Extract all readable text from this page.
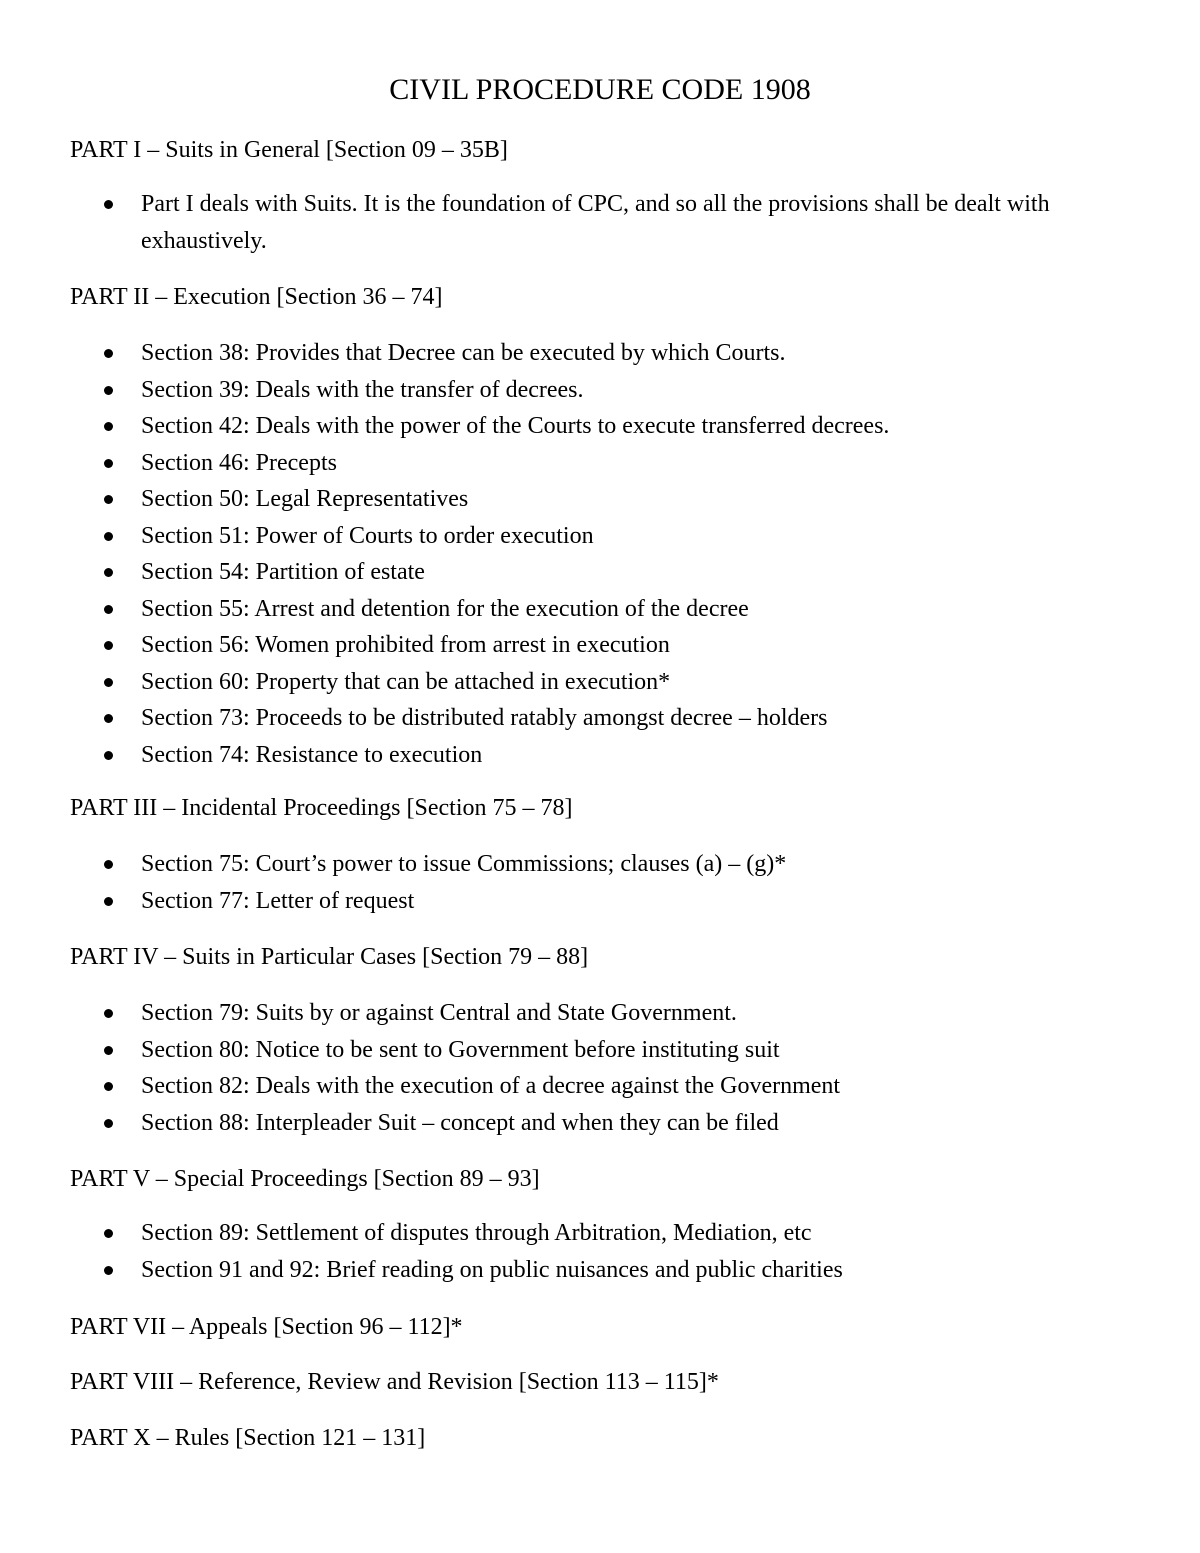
CIVIL PROCEDURE CODE 1908
PART I – Suits in General [Section 09 – 35B]
Part I deals with Suits. It is the foundation of CPC, and so all the provisions shall be dealt with exhaustively.
PART II – Execution [Section 36 – 74]
Section 38: Provides that Decree can be executed by which Courts.
Section 39: Deals with the transfer of decrees.
Section 42: Deals with the power of the Courts to execute transferred decrees.
Section 46: Precepts
Section 50: Legal Representatives
Section 51: Power of Courts to order execution
Section 54: Partition of estate
Section 55: Arrest and detention for the execution of the decree
Section 56: Women prohibited from arrest in execution
Section 60: Property that can be attached in execution*
Section 73: Proceeds to be distributed ratably amongst decree – holders
Section 74: Resistance to execution
PART III – Incidental Proceedings [Section 75 – 78]
Section 75: Court’s power to issue Commissions; clauses (a) – (g)*
Section 77: Letter of request
PART IV – Suits in Particular Cases [Section 79 – 88]
Section 79: Suits by or against Central and State Government.
Section 80: Notice to be sent to Government before instituting suit
Section 82: Deals with the execution of a decree against the Government
Section 88: Interpleader Suit – concept and when they can be filed
PART V – Special Proceedings [Section 89 – 93]
Section 89: Settlement of disputes through Arbitration, Mediation, etc
Section 91 and 92: Brief reading on public nuisances and public charities
PART VII – Appeals [Section 96 – 112]*
PART VIII – Reference, Review and Revision [Section 113 – 115]*
PART X – Rules [Section 121 – 131]
